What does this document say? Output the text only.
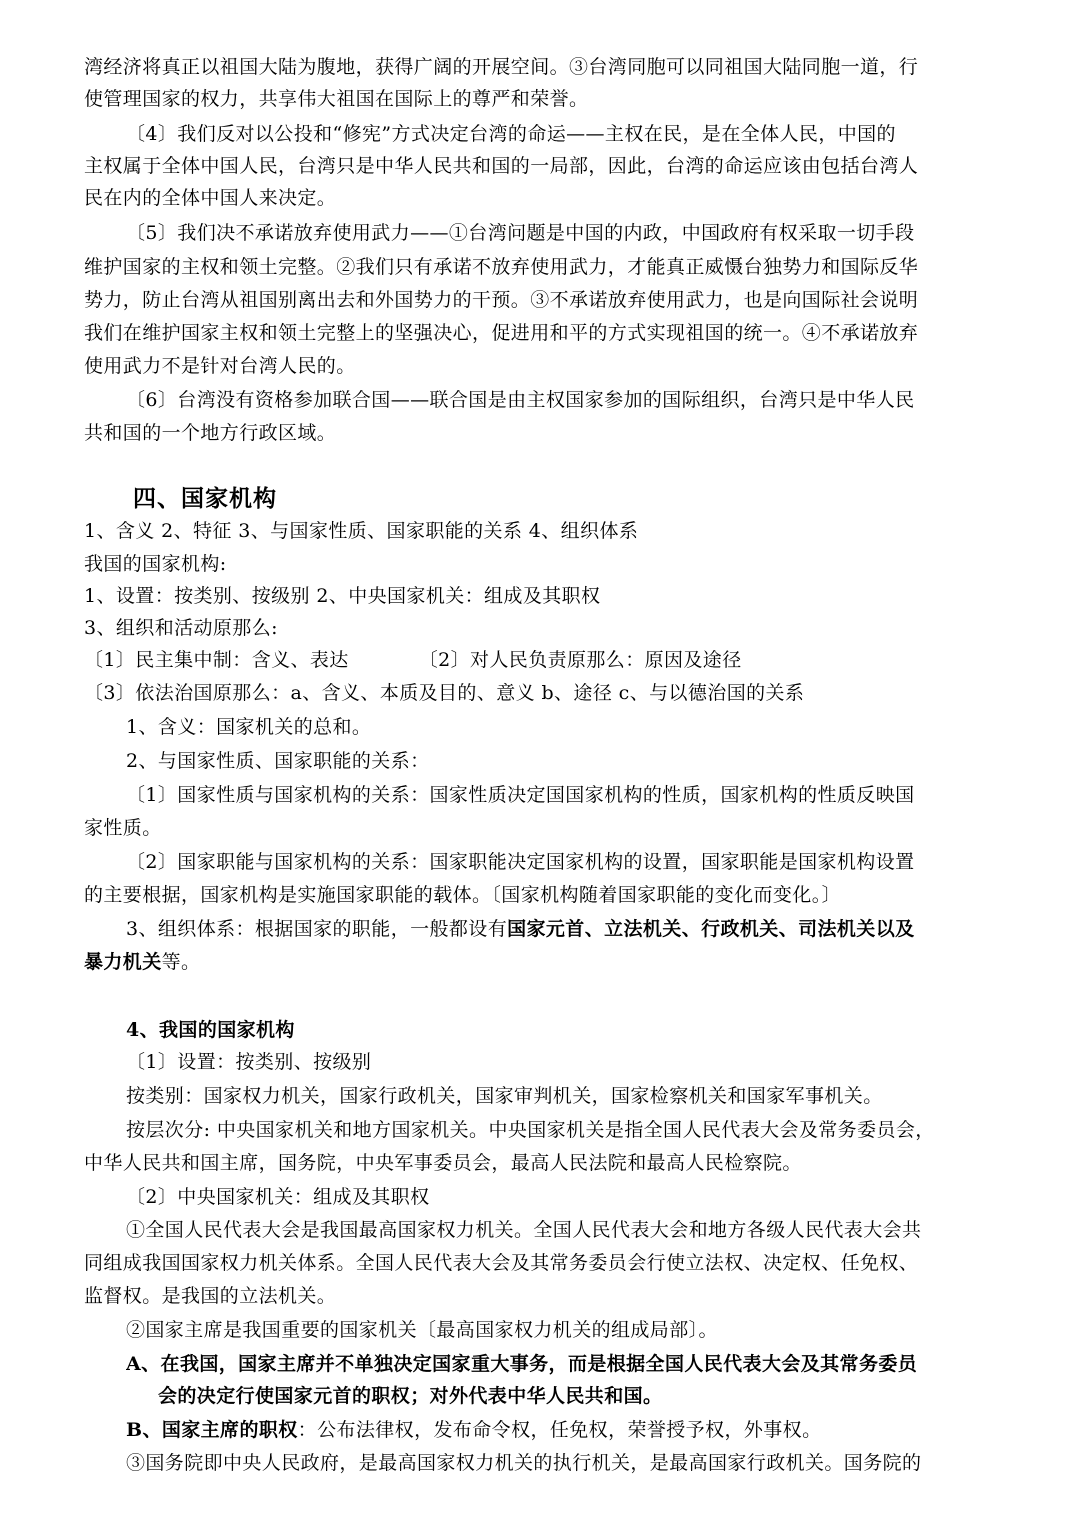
湾经济将真正以祖国大陆为腹地，获得广阔的开展空间。③台湾同胞可以同祖国大陆同胞一道，行
使管理国家的权力，共享伟大祖国在国际上的尊严和荣誉。
〔4〕我们反对以公投和“修宪”方式决定台湾的命运——主权在民，是在全体人民，中国的
主权属于全体中国人民，台湾只是中华人民共和国的一局部，因此，台湾的命运应该由包括台湾人
民在内的全体中国人来决定。
〔5〕我们决不承诺放弃使用武力——①台湾问题是中国的内政，中国政府有权采取一切手段
维护国家的主权和领土完整。②我们只有承诺不放弃使用武力，才能真正威慑台独势力和国际反华
势力，防止台湾从祖国别离出去和外国势力的干预。③不承诺放弃使用武力，也是向国际社会说明
我们在维护国家主权和领土完整上的坚强决心，促进用和平的方式实现祖国的统一。④不承诺放弃
使用武力不是针对台湾人民的。
〔6〕台湾没有资格参加联合国——联合国是由主权国家参加的国际组织，台湾只是中华人民
共和国的一个地方行政区域。
四、国家机构
1、含义 2、特征 3、与国家性质、国家职能的关系 4、组织体系
我国的国家机构:
1、设置：按类别、按级别 2、中央国家机关：组成及其职权
3、组织和活动原那么:
〔1〕民主集中制：含义、表达	〔2〕对人民负责原那么：原因及途径
〔3〕依法治国原那么：a、含义、本质及目的、意义 b、途径 c、与以德治国的关系
1、含义：国家机关的总和。
2、与国家性质、国家职能的关系：
〔1〕国家性质与国家机构的关系：国家性质决定国国家机构的性质，国家机构的性质反映国
家性质。
〔2〕国家职能与国家机构的关系：国家职能决定国家机构的设置，国家职能是国家机构设置
的主要根据，国家机构是实施国家职能的载体。〔国家机构随着国家职能的变化而变化。〕
3、组织体系：根据国家的职能，一般都设有国家元首、立法机关、行政机关、司法机关以及
暴力机关等。
4、我国的国家机构
〔1〕设置：按类别、按级别
按类别：国家权力机关，国家行政机关，国家审判机关，国家检察机关和国家军事机关。
按层次分: 中央国家机关和地方国家机关。中央国家机关是指全国人民代表大会及常务委员会，
中华人民共和国主席，国务院，中央军事委员会，最高人民法院和最高人民检察院。
〔2〕中央国家机关：组成及其职权
①全国人民代表大会是我国最高国家权力机关。全国人民代表大会和地方各级人民代表大会共
同组成我国国家权力机关体系。全国人民代表大会及其常务委员会行使立法权、决定权、任免权、
监督权。是我国的立法机关。
②国家主席是我国重要的国家机关〔最高国家权力机关的组成局部〕。
A、在我国，国家主席并不单独决定国家重大事务，而是根据全国人民代表大会及其常务委员
会的决定行使国家元首的职权；对外代表中华人民共和国。
B、国家主席的职权：公布法律权，发布命令权，任免权，荣誉授予权，外事权。
③国务院即中央人民政府，是最高国家权力机关的执行机关，是最高国家行政机关。国务院的
